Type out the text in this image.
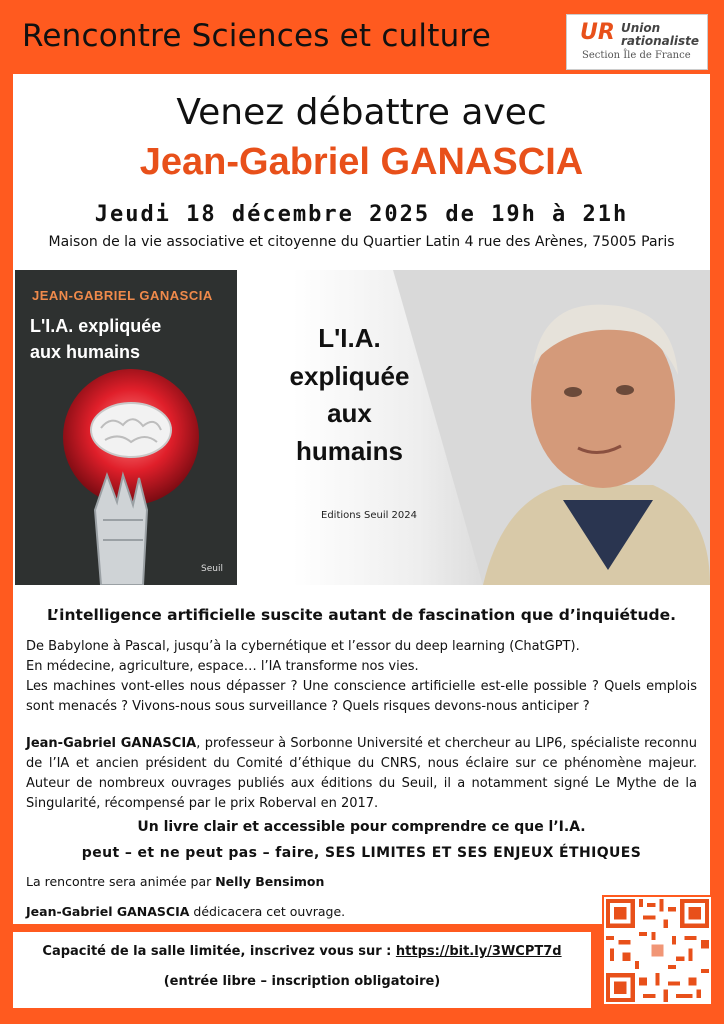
Rencontre Sciences et culture	UR Union
rationaliste
Section Île de France
Venez débattre avec
Jean-Gabriel GANASCIA
Jeudi 18 décembre 2025 de 19h à 21h
Maison de la vie associative et citoyenne du Quartier Latin 4 rue des Arènes, 75005 Paris
JEAN-GABRIEL GANASCIA
L'I.A. expliquée
aux humains
Seuil
L'I.A.
expliquée
aux
humains
Editions Seuil 2024
L’intelligence artificielle suscite autant de fascination que d’inquiétude.
De Babylone à Pascal, jusqu’à la cybernétique et l’essor du deep learning (ChatGPT).
En médecine, agriculture, espace… l’IA transforme nos vies.
Les machines vont-elles nous dépasser ? Une conscience artificielle est-elle possible ? Quels emplois sont menacés ? Vivons-nous sous surveillance ? Quels risques devons-nous anticiper ?
Jean-Gabriel GANASCIA, professeur à Sorbonne Université et chercheur au LIP6, spécialiste reconnu de l’IA et ancien président du Comité d’éthique du CNRS, nous éclaire sur ce phénomène majeur. Auteur de nombreux ouvrages publiés aux éditions du Seuil, il a notamment signé Le Mythe de la Singularité, récompensé par le prix Roberval en 2017.
Un livre clair et accessible pour comprendre ce que l’I.A.
peut – et ne peut pas – faire, SES LIMITES ET SES ENJEUX ÉTHIQUES
La rencontre sera animée par Nelly Bensimon
Jean-Gabriel GANASCIA dédicacera cet ouvrage.
Capacité de la salle limitée, inscrivez vous sur : https://bit.ly/3WCPT7d
(entrée libre – inscription obligatoire)
